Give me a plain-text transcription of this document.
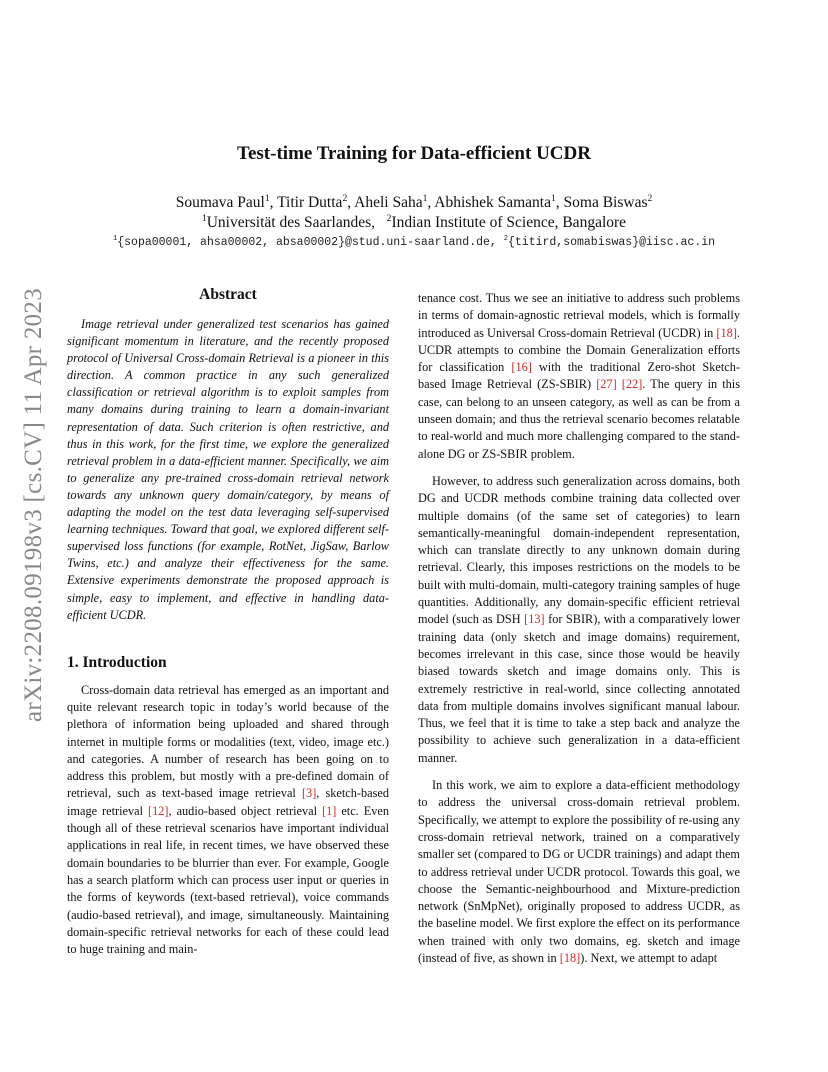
arXiv:2208.09198v3 [cs.CV] 11 Apr 2023
Test-time Training for Data-efficient UCDR
Soumava Paul$^1$, Titir Dutta$^2$, Aheli Saha$^1$, Abhishek Samanta$^1$, Soma Biswas$^2$
$^1$Universität des Saarlandes, $^2$Indian Institute of Science, Bangalore
$^1${sopa00001, ahsa00002, absa00002}@stud.uni-saarland.de, $^2${titird,somabiswas}@iisc.ac.in
Abstract

Image retrieval under generalized test scenarios has gained significant momentum in literature, and the recently proposed protocol of Universal Cross-domain Retrieval is a pioneer in this direction. A common practice in any such generalized classification or retrieval algorithm is to exploit samples from many domains during training to learn a domain-invariant representation of data. Such criterion is often restrictive, and thus in this work, for the first time, we explore the generalized retrieval problem in a data-efficient manner. Specifically, we aim to generalize any pre-trained cross-domain retrieval network towards any unknown query domain/category, by means of adapting the model on the test data leveraging self-supervised learning techniques. Toward that goal, we explored different self-supervised loss functions (for example, RotNet, JigSaw, Barlow Twins, etc.) and analyze their effectiveness for the same. Extensive experiments demonstrate the proposed approach is simple, easy to implement, and effective in handling data-efficient UCDR.

1. Introduction

Cross-domain data retrieval has emerged as an important and quite relevant research topic in today’s world because of the plethora of information being uploaded and shared through internet in multiple forms or modalities (text, video, image etc.) and categories. A number of research has been going on to address this problem, but mostly with a pre-defined domain of retrieval, such as text-based image retrieval [3], sketch-based image retrieval [12], audio-based object retrieval [1] etc. Even though all of these retrieval scenarios have important individual applications in real life, in recent times, we have observed these domain boundaries to be blurrier than ever. For example, Google has a search platform which can process user input or queries in the forms of keywords (text-based retrieval), voice commands (audio-based retrieval), and image, simultaneously. Maintaining domain-specific retrieval networks for each of these could lead to huge training and main-

tenance cost. Thus we see an initiative to address such problems in terms of domain-agnostic retrieval models, which is formally introduced as Universal Cross-domain Retrieval (UCDR) in [18]. UCDR attempts to combine the Domain Generalization efforts for classification [16] with the traditional Zero-shot Sketch-based Image Retrieval (ZS-SBIR) [27] [22]. The query in this case, can belong to an unseen category, as well as can be from a unseen domain; and thus the retrieval scenario becomes relatable to real-world and much more challenging compared to the stand-alone DG or ZS-SBIR problem.

However, to address such generalization across domains, both DG and UCDR methods combine training data collected over multiple domains (of the same set of categories) to learn semantically-meaningful domain-independent representation, which can translate directly to any unknown domain during retrieval. Clearly, this imposes restrictions on the models to be built with multi-domain, multi-category training samples of huge quantities. Additionally, any domain-specific efficient retrieval model (such as DSH [13] for SBIR), with a comparatively lower training data (only sketch and image domains) requirement, becomes irrelevant in this case, since those would be heavily biased towards sketch and image domains only. This is extremely restrictive in real-world, since collecting annotated data from multiple domains involves significant manual labour. Thus, we feel that it is time to take a step back and analyze the possibility to achieve such generalization in a data-efficient manner.

In this work, we aim to explore a data-efficient methodology to address the universal cross-domain retrieval problem. Specifically, we attempt to explore the possibility of re-using any cross-domain retrieval network, trained on a comparatively smaller set (compared to DG or UCDR trainings) and adapt them to address retrieval under UCDR protocol. Towards this goal, we choose the Semantic-neighbourhood and Mixture-prediction network (SnMpNet), originally proposed to address UCDR, as the baseline model. We first explore the effect on its performance when trained with only two domains, eg. sketch and image (instead of five, as shown in [18]). Next, we attempt to adapt
